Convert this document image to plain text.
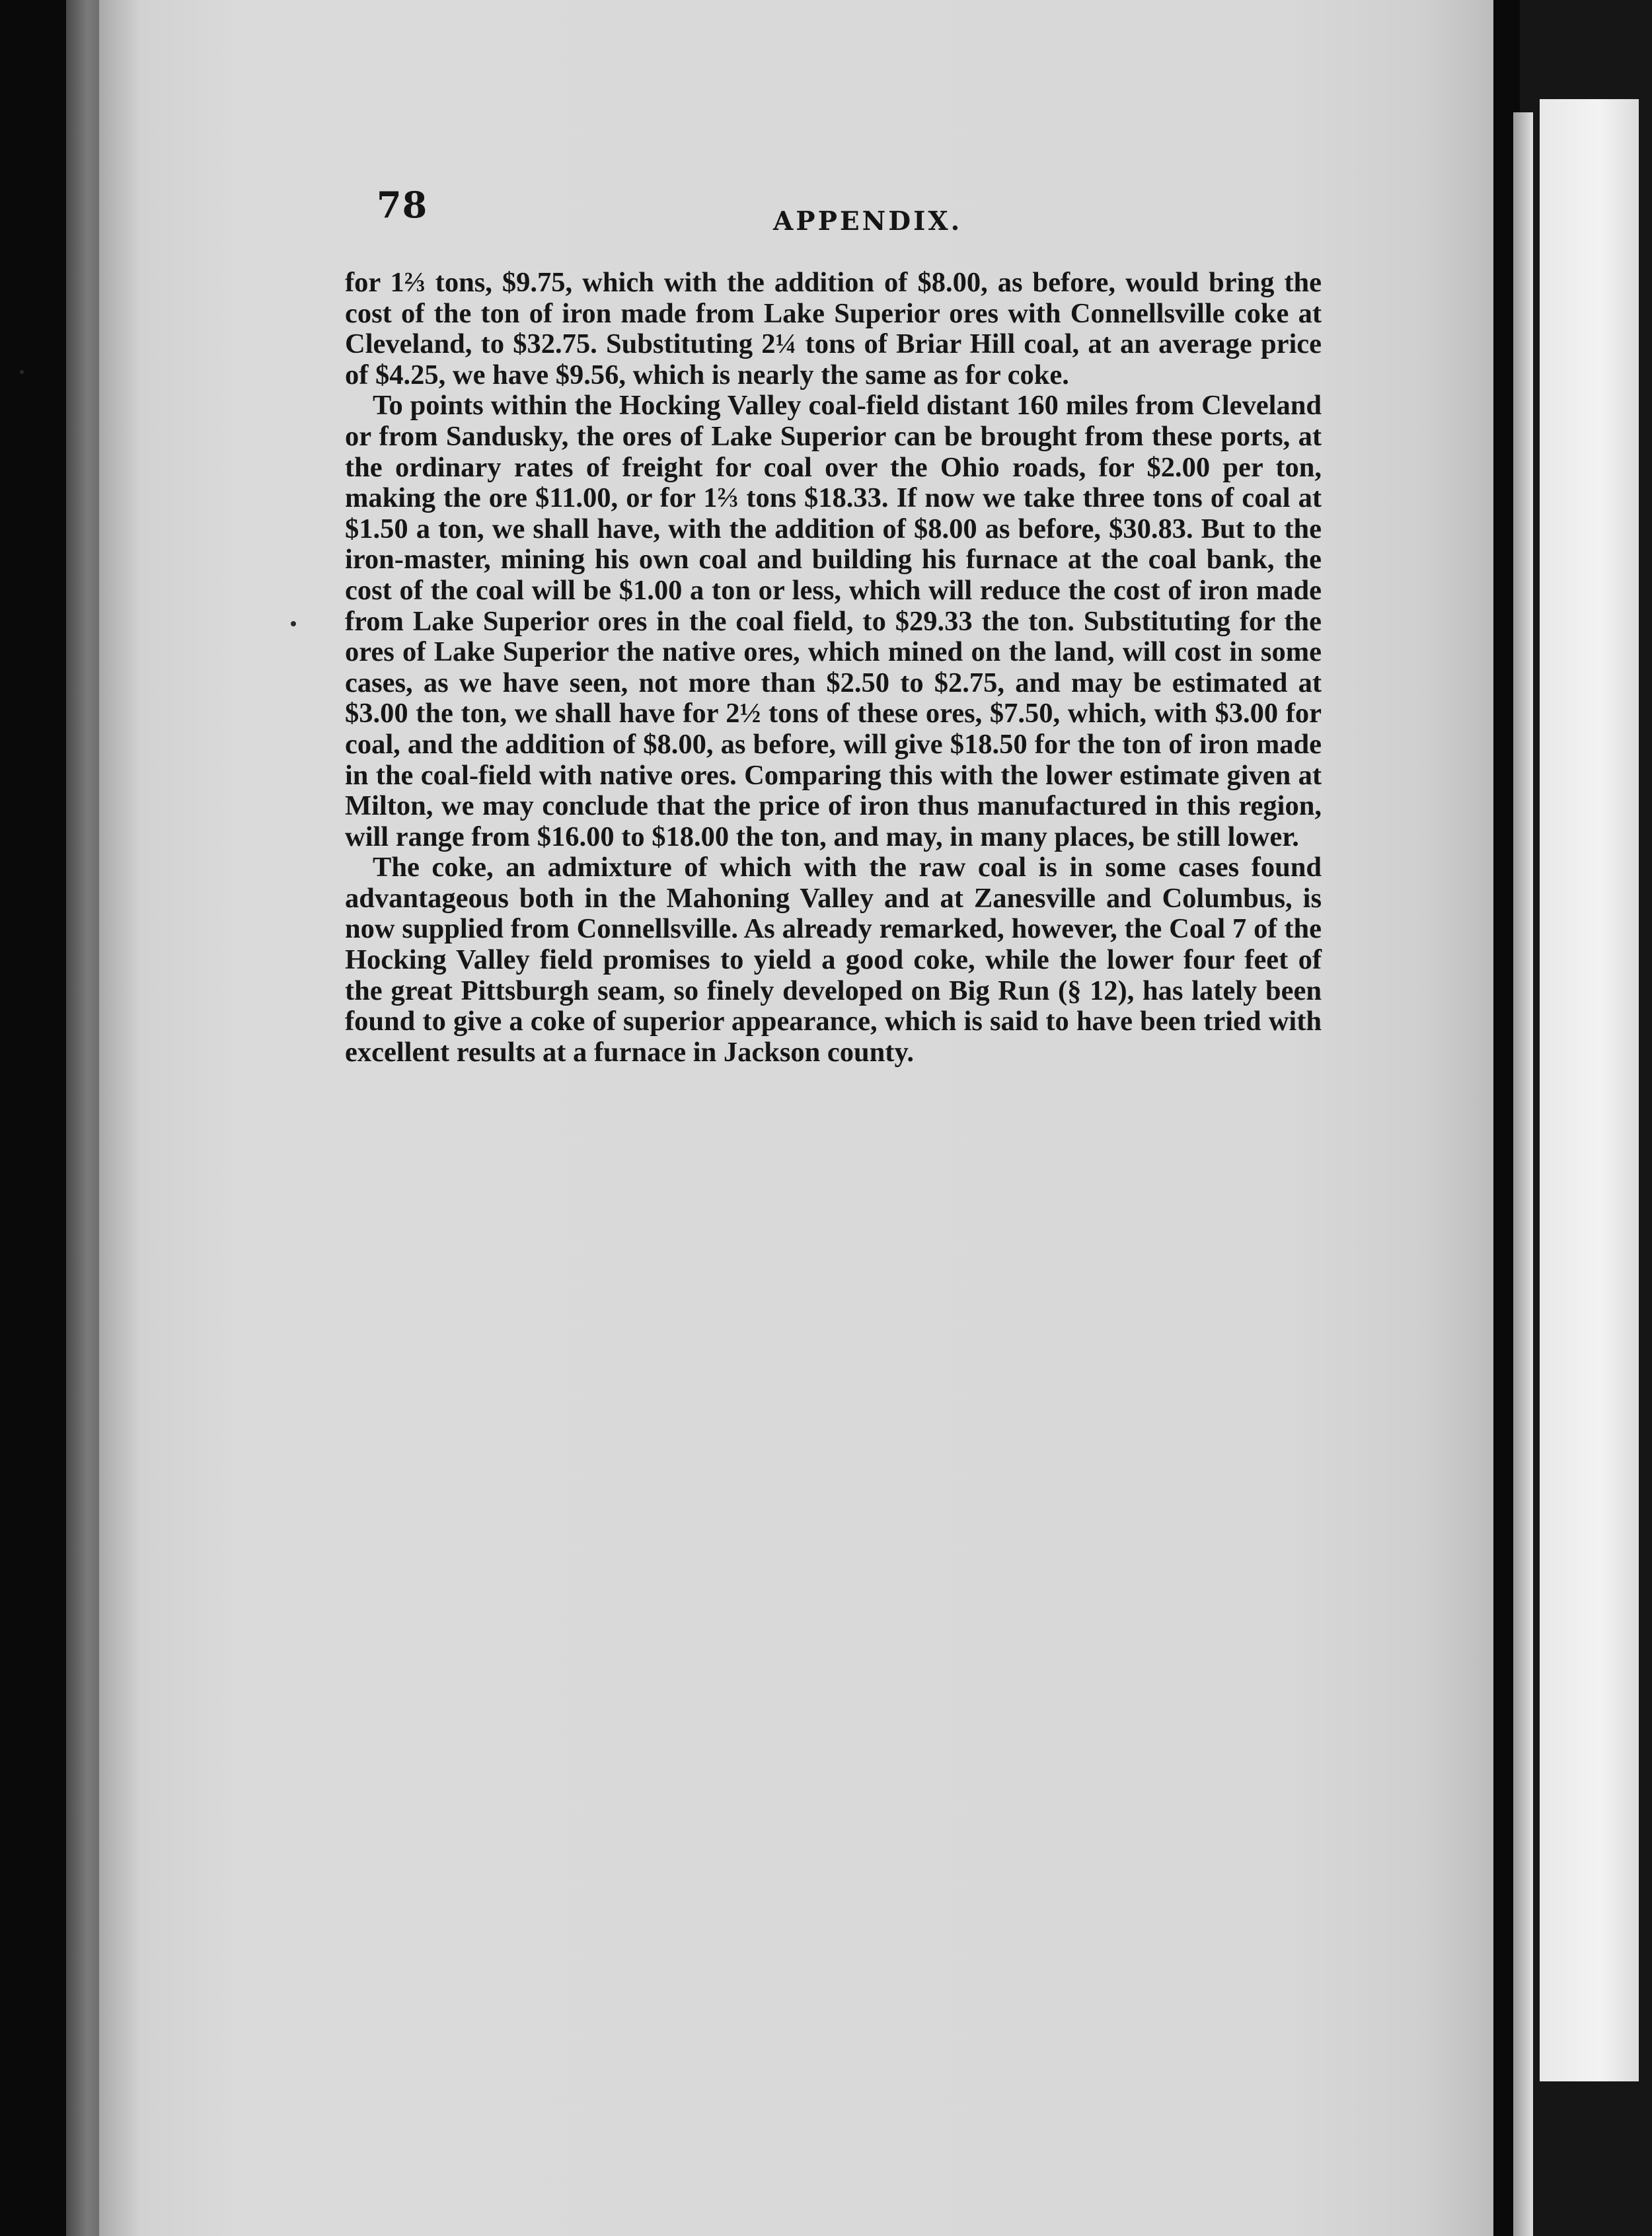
78	APPENDIX.

for 1⅔ tons, $9.75, which with the addition of $8.00, as before, would bring the cost of the ton of iron made from Lake Superior ores with Connellsville coke at Cleveland, to $32.75. Substituting 2¼ tons of Briar Hill coal, at an average price of $4.25, we have $9.56, which is nearly the same as for coke.

To points within the Hocking Valley coal-field distant 160 miles from Cleveland or from Sandusky, the ores of Lake Superior can be brought from these ports, at the ordinary rates of freight for coal over the Ohio roads, for $2.00 per ton, making the ore $11.00, or for 1⅔ tons $18.33. If now we take three tons of coal at $1.50 a ton, we shall have, with the addition of $8.00 as before, $30.83. But to the iron-master, mining his own coal and building his furnace at the coal bank, the cost of the coal will be $1.00 a ton or less, which will reduce the cost of iron made from Lake Superior ores in the coal field, to $29.33 the ton. Substituting for the ores of Lake Superior the native ores, which mined on the land, will cost in some cases, as we have seen, not more than $2.50 to $2.75, and may be estimated at $3.00 the ton, we shall have for 2½ tons of these ores, $7.50, which, with $3.00 for coal, and the addition of $8.00, as before, will give $18.50 for the ton of iron made in the coal-field with native ores. Comparing this with the lower estimate given at Milton, we may conclude that the price of iron thus manufactured in this region, will range from $16.00 to $18.00 the ton, and may, in many places, be still lower.

The coke, an admixture of which with the raw coal is in some cases found advantageous both in the Mahoning Valley and at Zanesville and Columbus, is now supplied from Connellsville. As already remarked, however, the Coal 7 of the Hocking Valley field promises to yield a good coke, while the lower four feet of the great Pittsburgh seam, so finely developed on Big Run (§ 12), has lately been found to give a coke of superior appearance, which is said to have been tried with excellent results at a furnace in Jackson county.
